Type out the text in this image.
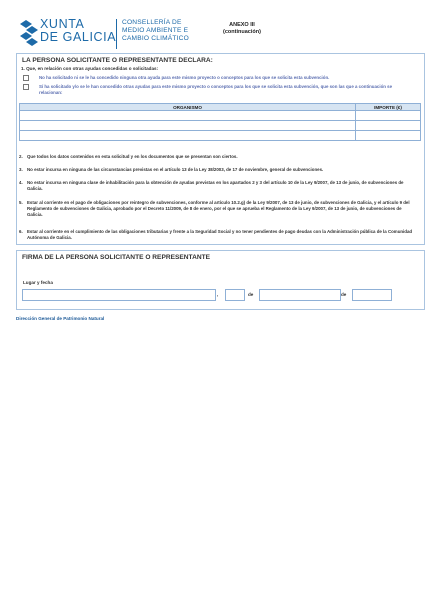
XUNTA
DE GALICIA
CONSELLERÍA DE
MEDIO AMBIENTE E
CAMBIO CLIMÁTICO
ANEXO III
(continuación)
LA PERSONA SOLICITANTE O REPRESENTANTE DECLARA:
1. Que, en relación con otras ayudas concedidas o solicitadas:
No ha solicitado ni se le ha concedido ninguna otra ayuda para este mismo proyecto o conceptos para los que se solicita esta subvención.
Sí ha solicitado y/o se le han concedido otras ayudas para este mismo proyecto o conceptos para los que se solicita esta subvención, que son las que a continuación se relacionan:
ORGANISMO	IMPORTE (€)

2. Que todos los datos contenidos en esta solicitud y en los documentos que se presentan son ciertos.
3. No estar incursa en ninguna de las circunstancias previstas en el artículo 13 de la Ley 38/2003, de 17 de noviembre, general de subvenciones.
4. No estar incursa en ninguna clase de inhabilitación para la obtención de ayudas previstas en los apartados 2 y 3 del artículo 10 de la Ley 9/2007, de 13 de junio, de subvenciones de Galicia.
5. Estar al corriente en el pago de obligaciones por reintegro de subvenciones, conforme al artículo 10.2.g) de la Ley 9/2007, de 13 de junio, de subvenciones de Galicia, y el artículo 9 del Reglamento de subvenciones de Galicia, aprobado por el Decreto 11/2009, de 8 de enero, por el que se aprueba el Reglamento de la Ley 9/2007, de 13 de junio, de subvenciones de Galicia.
6. Estar al corriente en el cumplimiento de las obligaciones tributarias y frente a la Seguridad Social y no tener pendientes de pago deudas con la Administración pública de la Comunidad Autónoma de Galicia.
FIRMA DE LA PERSONA SOLICITANTE O REPRESENTANTE
Lugar y fecha
,	de	de
Dirección General de Patrimonio Natural
